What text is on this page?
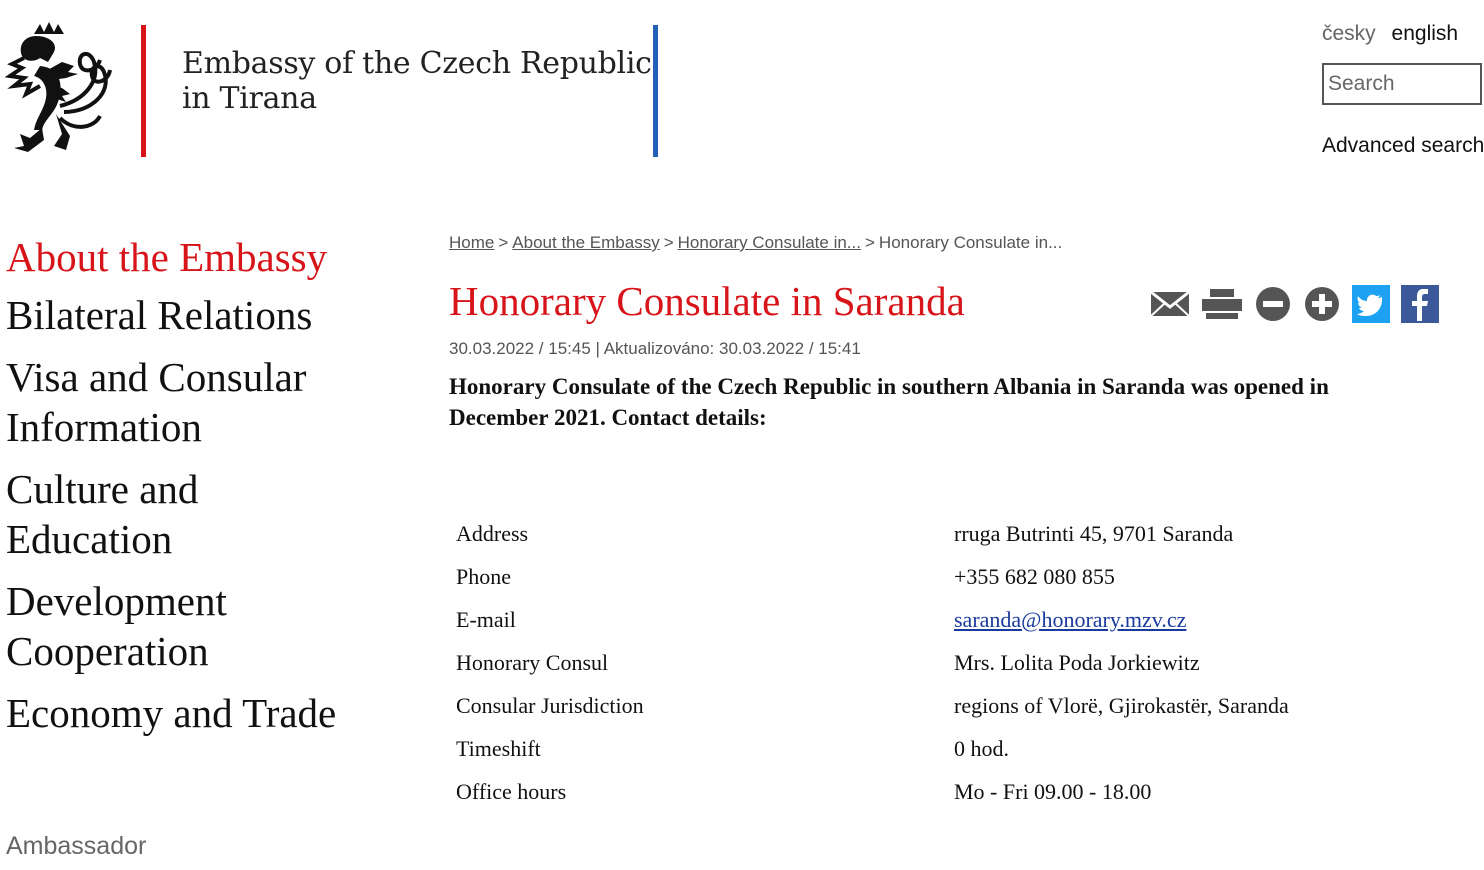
Embassy of the Czech Republic
in Tirana
česky english
Search
Advanced search
About the Embassy
Bilateral Relations
Visa and Consular Information
Culture and Education
Development Cooperation
Economy and Trade
Ambassador
Home > About the Embassy > Honorary Consulate in... > Honorary Consulate in...
Honorary Consulate in Saranda
30.03.2022 / 15:45 | Aktualizováno: 30.03.2022 / 15:41
Honorary Consulate of the Czech Republic in southern Albania in Saranda was opened in December 2021. Contact details:
Address	rruga Butrinti 45, 9701 Saranda
Phone	+355 682 080 855
E-mail	saranda@honorary.mzv.cz
Honorary Consul	Mrs. Lolita Poda Jorkiewitz
Consular Jurisdiction	regions of Vlorë, Gjirokastër, Saranda
Timeshift	0 hod.
Office hours	Mo - Fri 09.00 - 18.00
